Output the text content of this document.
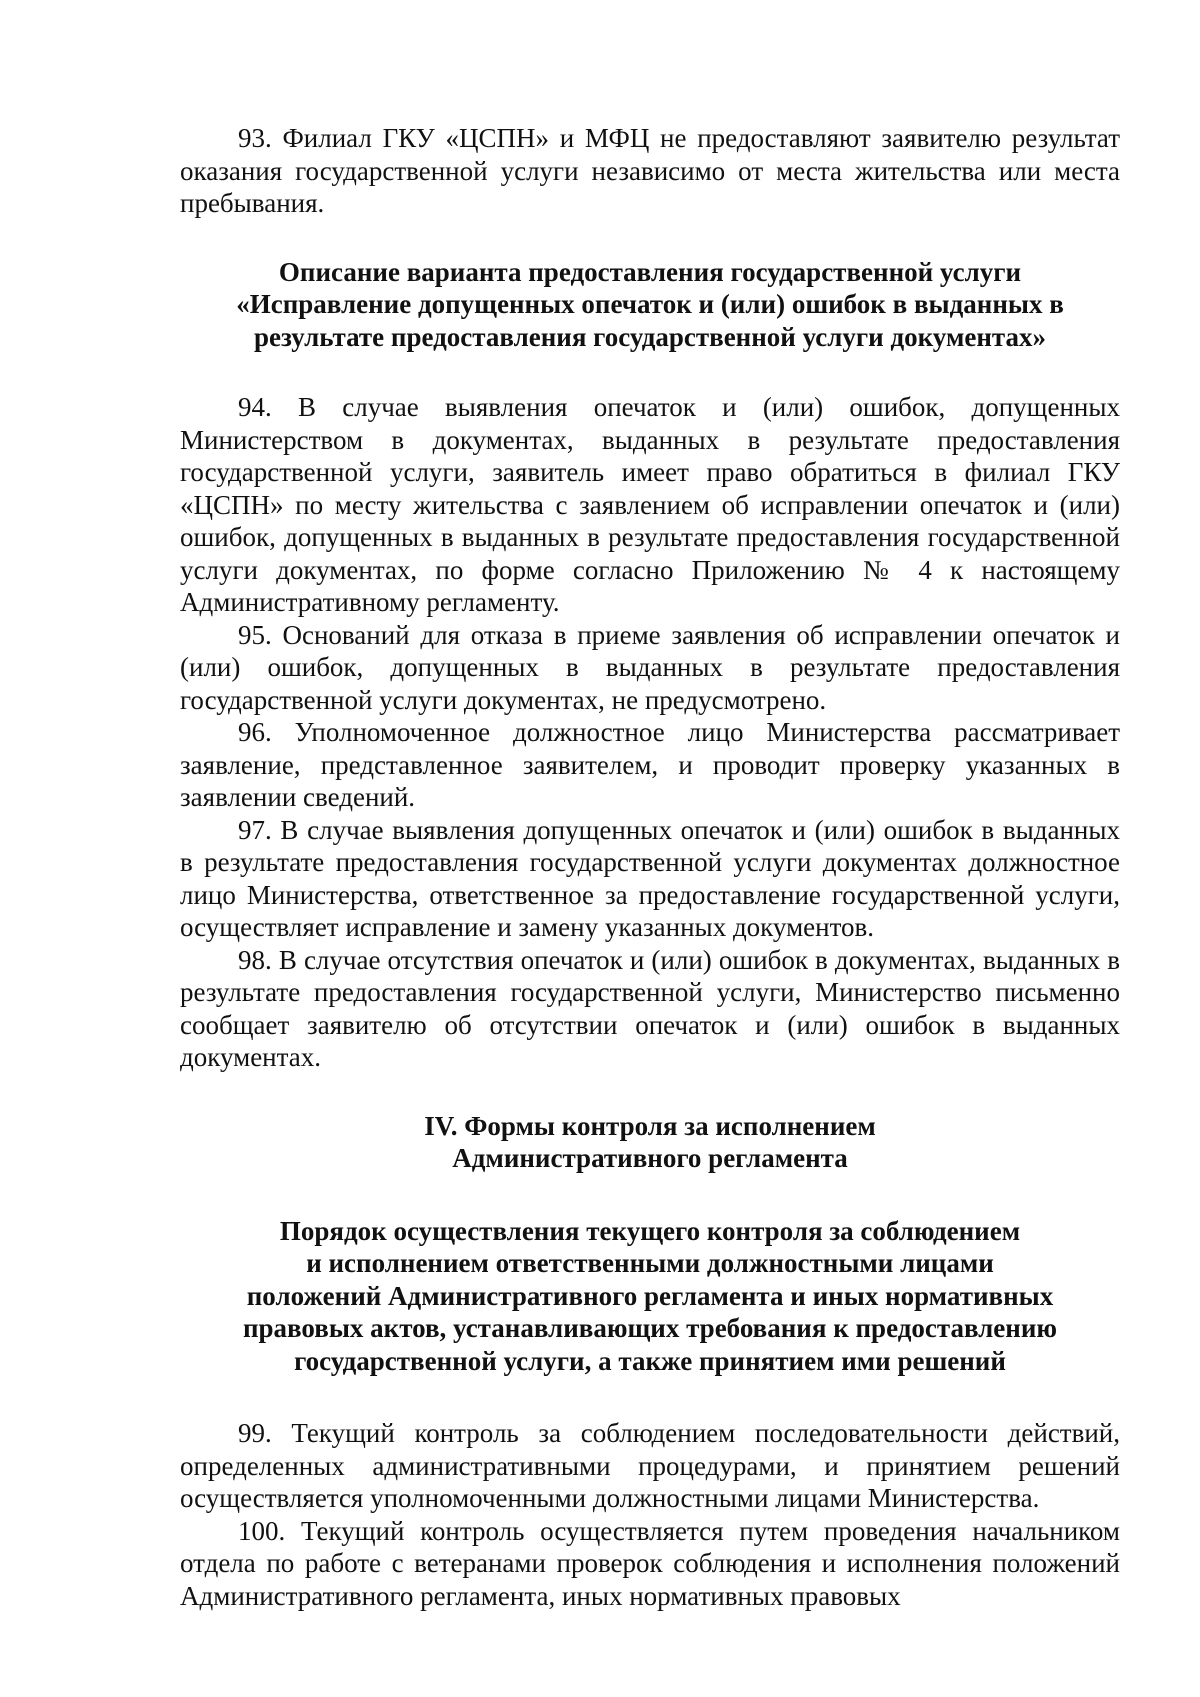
93. Филиал ГКУ «ЦСПН» и МФЦ не предоставляют заявителю результат оказания государственной услуги независимо от места жительства или места пребывания.

Описание варианта предоставления государственной услуги
«Исправление допущенных опечаток и (или) ошибок в выданных в
результате предоставления государственной услуги документах»

94. В случае выявления опечаток и (или) ошибок, допущенных Министерством в документах, выданных в результате предоставления государственной услуги, заявитель имеет право обратиться в филиал ГКУ «ЦСПН» по месту жительства с заявлением об исправлении опечаток и (или) ошибок, допущенных в выданных в результате предоставления государственной услуги документах, по форме согласно Приложению № 4 к настоящему Административному регламенту.

95. Оснований для отказа в приеме заявления об исправлении опечаток и (или) ошибок, допущенных в выданных в результате предоставления государственной услуги документах, не предусмотрено.

96. Уполномоченное должностное лицо Министерства рассматривает заявление, представленное заявителем, и проводит проверку указанных в заявлении сведений.

97. В случае выявления допущенных опечаток и (или) ошибок в выданных в результате предоставления государственной услуги документах должностное лицо Министерства, ответственное за предоставление государственной услуги, осуществляет исправление и замену указанных документов.

98. В случае отсутствия опечаток и (или) ошибок в документах, выданных в результате предоставления государственной услуги, Министерство письменно сообщает заявителю об отсутствии опечаток и (или) ошибок в выданных документах.

IV. Формы контроля за исполнением
Административного регламента
Порядок осуществления текущего контроля за соблюдением
и исполнением ответственными должностными лицами
положений Административного регламента и иных нормативных
правовых актов, устанавливающих требования к предоставлению
государственной услуги, а также принятием ими решений

99. Текущий контроль за соблюдением последовательности действий, определенных административными процедурами, и принятием решений осуществляется уполномоченными должностными лицами Министерства.

100. Текущий контроль осуществляется путем проведения начальником отдела по работе с ветеранами проверок соблюдения и исполнения положений Административного регламента, иных нормативных правовых
